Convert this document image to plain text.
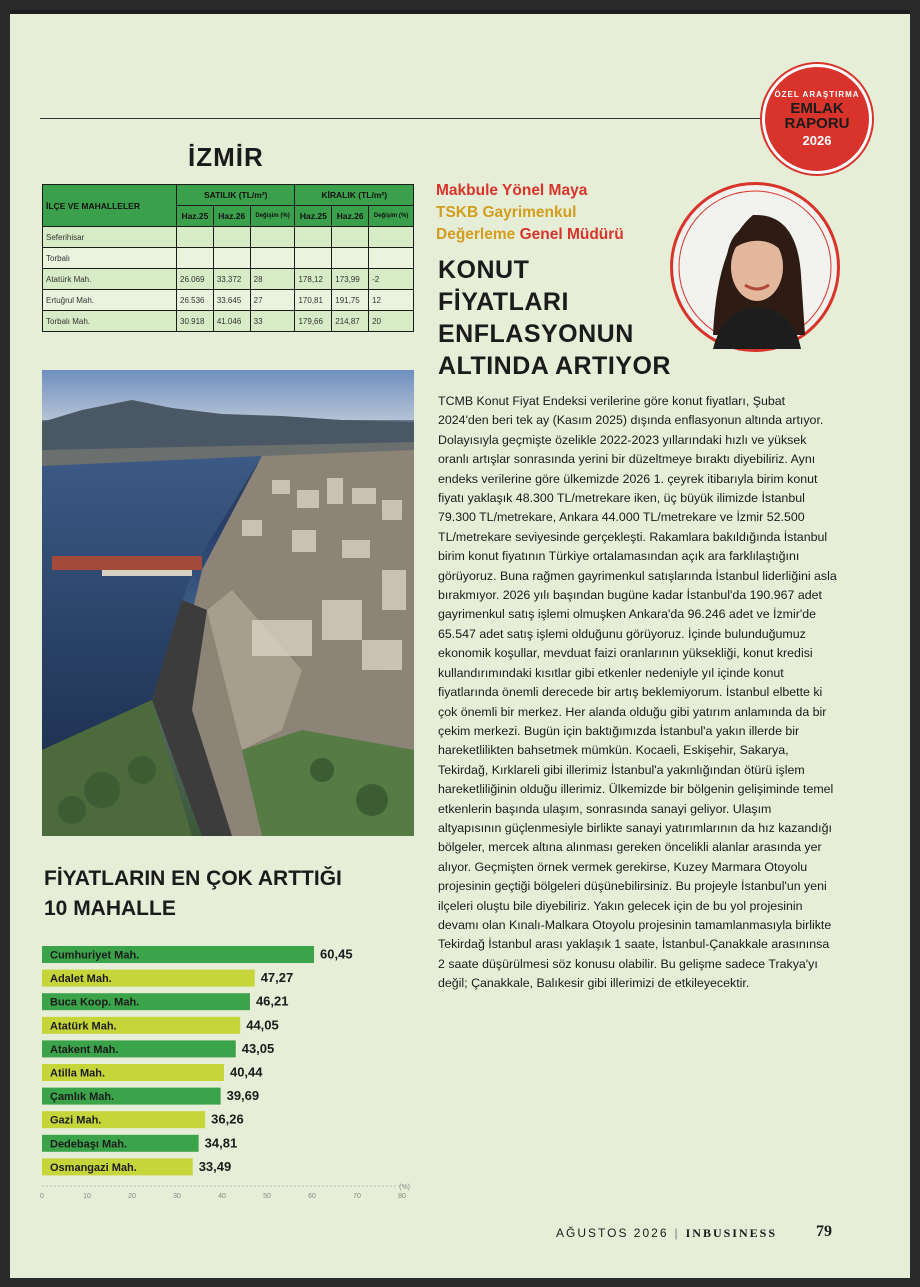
ÖZEL ARAŞTIRMA
EMLAK
RAPORU
2026
İZMİR
İLÇE VE MAHALLELER	SATILIK (TL/m²)			KİRALIK (TL/m²)		
	Haz.25	Haz.26	Değişim (%)	Haz.25	Haz.26	Değişim (%)
Seferihisar						
Torbalı						
Atatürk Mah.	26.069	33.372	28	178,12	173,99	-2
Ertuğrul Mah.	26.536	33.645	27	170,81	191,75	12
Torbalı Mah.	30.918	41.046	33	179,66	214,87	20
FİYATLARIN EN ÇOK ARTTIĞI
10 MAHALLE
Cumhuriyet Mah.	60,45
Adalet Mah.	47,27
Buca Koop. Mah.	46,21
Atatürk Mah.	44,05
Atakent Mah.	43,05
Atilla Mah.	40,44
Çamlık Mah.	39,69
Gazi Mah.	36,26
Dedebaşı Mah.	34,81
Osmangazi Mah.	33,49
0	10	20	30	40	50	60	70	80
(%)
Makbule Yönel Maya
TSKB Gayrimenkul
Değerleme Genel Müdürü
KONUT
FİYATLARI
ENFLASYONUN
ALTINDA ARTIYOR
TCMB Konut Fiyat Endeksi verilerine göre konut fiyatları, Şubat 2024'den beri tek ay (Kasım 2025) dışında enflasyonun altında artıyor. Dolayısıyla geçmişte özelikle 2022-2023 yıllarındaki hızlı ve yüksek oranlı artışlar sonrasında yerini bir düzeltmeye bıraktı diyebiliriz. Aynı endeks verilerine göre ülkemizde 2026 1. çeyrek itibarıyla birim konut fiyatı yaklaşık 48.300 TL/metrekare iken, üç büyük ilimizde İstanbul 79.300 TL/metrekare, Ankara 44.000 TL/metrekare ve İzmir 52.500 TL/metrekare seviyesinde gerçekleşti. Rakamlara bakıldığında İstanbul birim konut fiyatının Türkiye ortalamasından açık ara farklılaştığını görüyoruz. Buna rağmen gayrimenkul satışlarında İstanbul liderliğini asla bırakmıyor. 2026 yılı başından bugüne kadar İstanbul'da 190.967 adet gayrimenkul satış işlemi olmuşken Ankara'da 96.246 adet ve İzmir'de 65.547 adet satış işlemi olduğunu görüyoruz. İçinde bulunduğumuz ekonomik koşullar, mevduat faizi oranlarının yüksekliği, konut kredisi kullandırımındaki kısıtlar gibi etkenler nedeniyle yıl içinde konut fiyatlarında önemli derecede bir artış beklemiyorum. İstanbul elbette ki çok önemli bir merkez. Her alanda olduğu gibi yatırım anlamında da bir çekim merkezi. Bugün için baktığımızda İstanbul'a yakın illerde bir hareketlilikten bahsetmek mümkün. Kocaeli, Eskişehir, Sakarya, Tekirdağ, Kırklareli gibi illerimiz İstanbul'a yakınlığından ötürü işlem hareketliliğinin olduğu illerimiz. Ülkemizde bir bölgenin gelişiminde temel etkenlerin başında ulaşım, sonrasında sanayi geliyor. Ulaşım altyapısının güçlenmesiyle birlikte sanayi yatırımlarının da hız kazandığı bölgeler, mercek altına alınması gereken öncelikli alanlar arasında yer alıyor. Geçmişten örnek vermek gerekirse, Kuzey Marmara Otoyolu projesinin geçtiği bölgeleri düşünebilirsiniz. Bu projeyle İstanbul'un yeni ilçeleri oluştu bile diyebiliriz. Yakın gelecek için de bu yol projesinin devamı olan Kınalı-Malkara Otoyolu projesinin tamamlanmasıyla birlikte Tekirdağ İstanbul arası yaklaşık 1 saate, İstanbul-Çanakkale arasınınsa 2 saate düşürülmesi söz konusu olabilir. Bu gelişme sadece Trakya'yı değil; Çanakkale, Balıkesir gibi illerimizi de etkileyecektir.
AĞUSTOS 2026 | INBUSINESS 79
